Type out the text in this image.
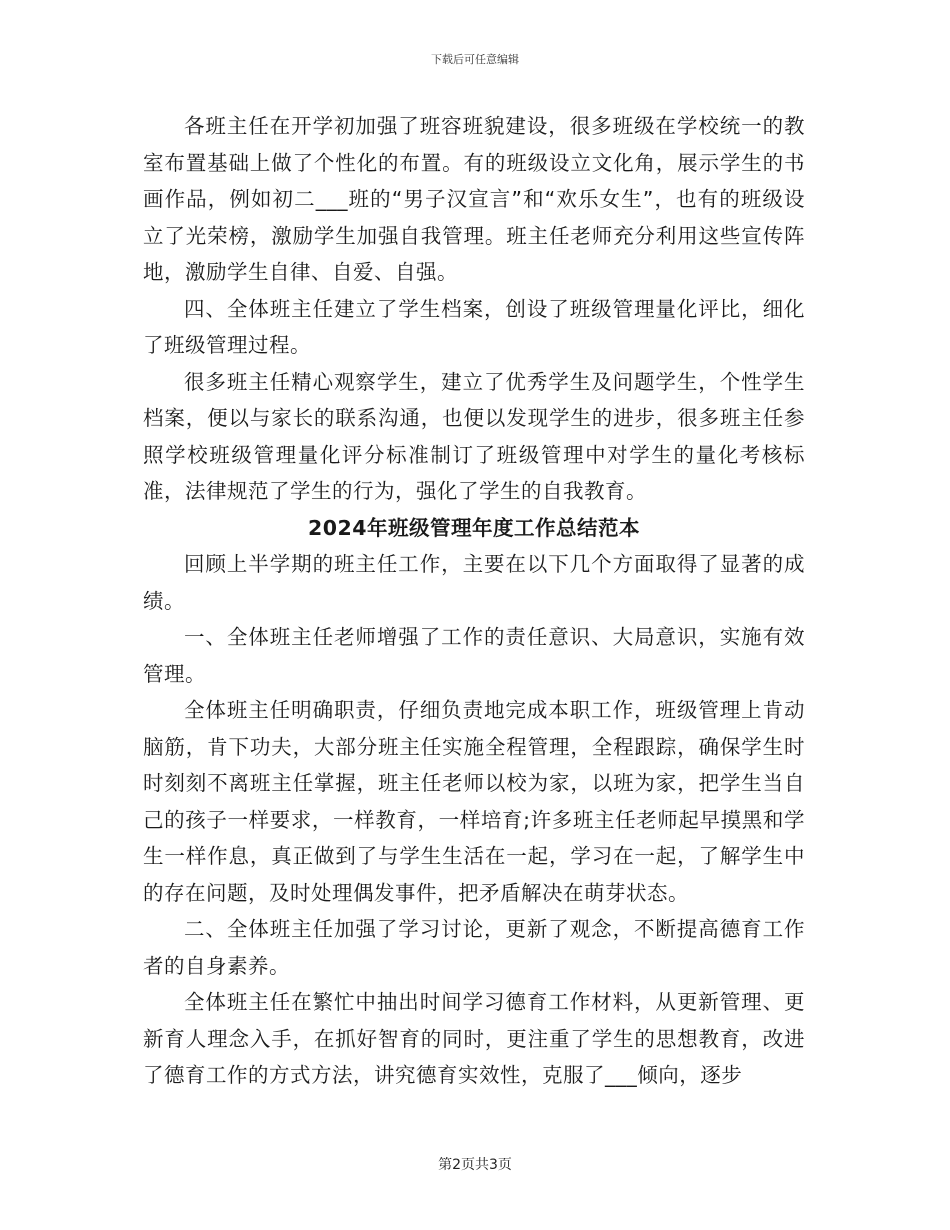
下载后可任意编辑

各班主任在开学初加强了班容班貌建设，很多班级在学校统一的教室布置基础上做了个性化的布置。有的班级设立文化角，展示学生的书画作品，例如初二___班的“男子汉宣言”和“欢乐女生”，也有的班级设立了光荣榜，激励学生加强自我管理。班主任老师充分利用这些宣传阵地，激励学生自律、自爱、自强。

四、全体班主任建立了学生档案，创设了班级管理量化评比，细化了班级管理过程。

很多班主任精心观察学生，建立了优秀学生及问题学生，个性学生档案，便以与家长的联系沟通，也便以发现学生的进步，很多班主任参照学校班级管理量化评分标准制订了班级管理中对学生的量化考核标准，法律规范了学生的行为，强化了学生的自我教育。

2024年班级管理年度工作总结范本

回顾上半学期的班主任工作，主要在以下几个方面取得了显著的成绩。

一、全体班主任老师增强了工作的责任意识、大局意识，实施有效管理。

全体班主任明确职责，仔细负责地完成本职工作，班级管理上肯动脑筋，肯下功夫，大部分班主任实施全程管理，全程跟踪，确保学生时时刻刻不离班主任掌握，班主任老师以校为家，以班为家，把学生当自己的孩子一样要求，一样教育，一样培育;许多班主任老师起早摸黑和学生一样作息，真正做到了与学生生活在一起，学习在一起，了解学生中的存在问题，及时处理偶发事件，把矛盾解决在萌芽状态。

二、全体班主任加强了学习讨论，更新了观念，不断提高德育工作者的自身素养。

全体班主任在繁忙中抽出时间学习德育工作材料，从更新管理、更新育人理念入手，在抓好智育的同时，更注重了学生的思想教育，改进了德育工作的方式方法，讲究德育实效性，克服了___倾向，逐步

第2页共3页
